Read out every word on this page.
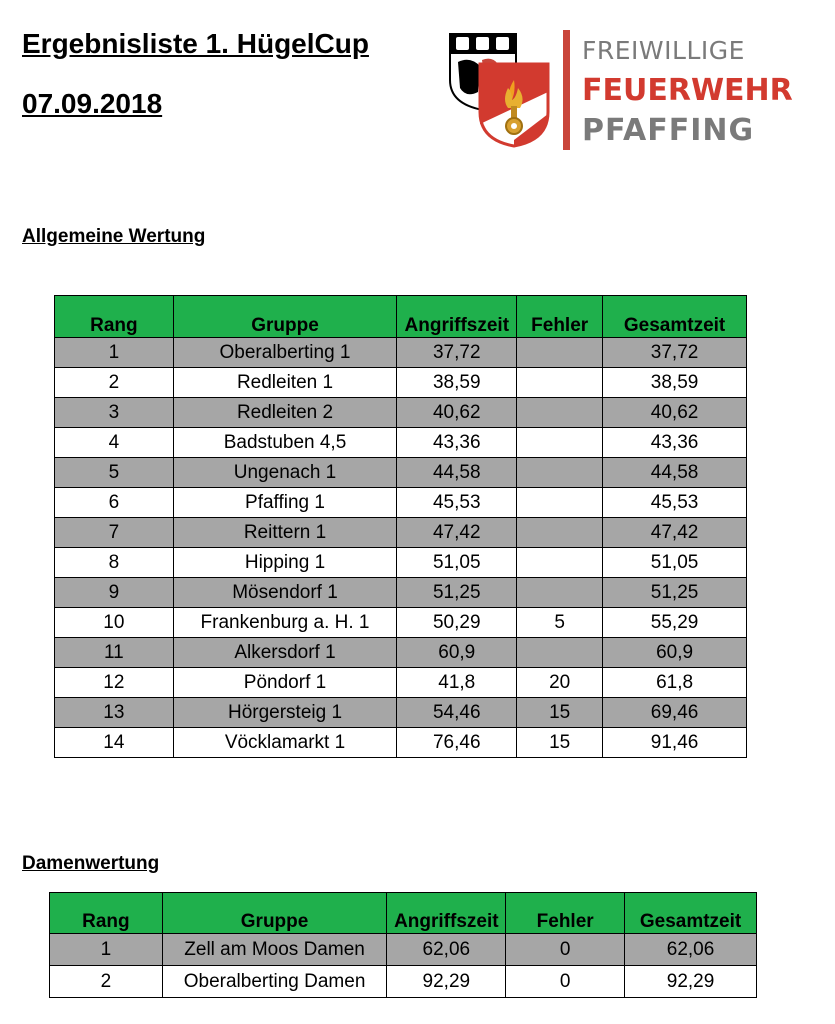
Ergebnisliste 1. HügelCup
07.09.2018
FREIWILLIGE
FEUERWEHR
PFAFFING
Allgemeine Wertung
Rang	Gruppe	Angriffszeit	Fehler	Gesamtzeit
1	Oberalberting 1	37,72		37,72
2	Redleiten 1	38,59		38,59
3	Redleiten 2	40,62		40,62
4	Badstuben 4,5	43,36		43,36
5	Ungenach 1	44,58		44,58
6	Pfaffing 1	45,53		45,53
7	Reittern 1	47,42		47,42
8	Hipping 1	51,05		51,05
9	Mösendorf 1	51,25		51,25
10	Frankenburg a. H. 1	50,29	5	55,29
11	Alkersdorf 1	60,9		60,9
12	Pöndorf 1	41,8	20	61,8
13	Hörgersteig 1	54,46	15	69,46
14	Vöcklamarkt 1	76,46	15	91,46
Damenwertung
Rang	Gruppe	Angriffszeit	Fehler	Gesamtzeit
1	Zell am Moos Damen	62,06	0	62,06
2	Oberalberting Damen	92,29	0	92,29
